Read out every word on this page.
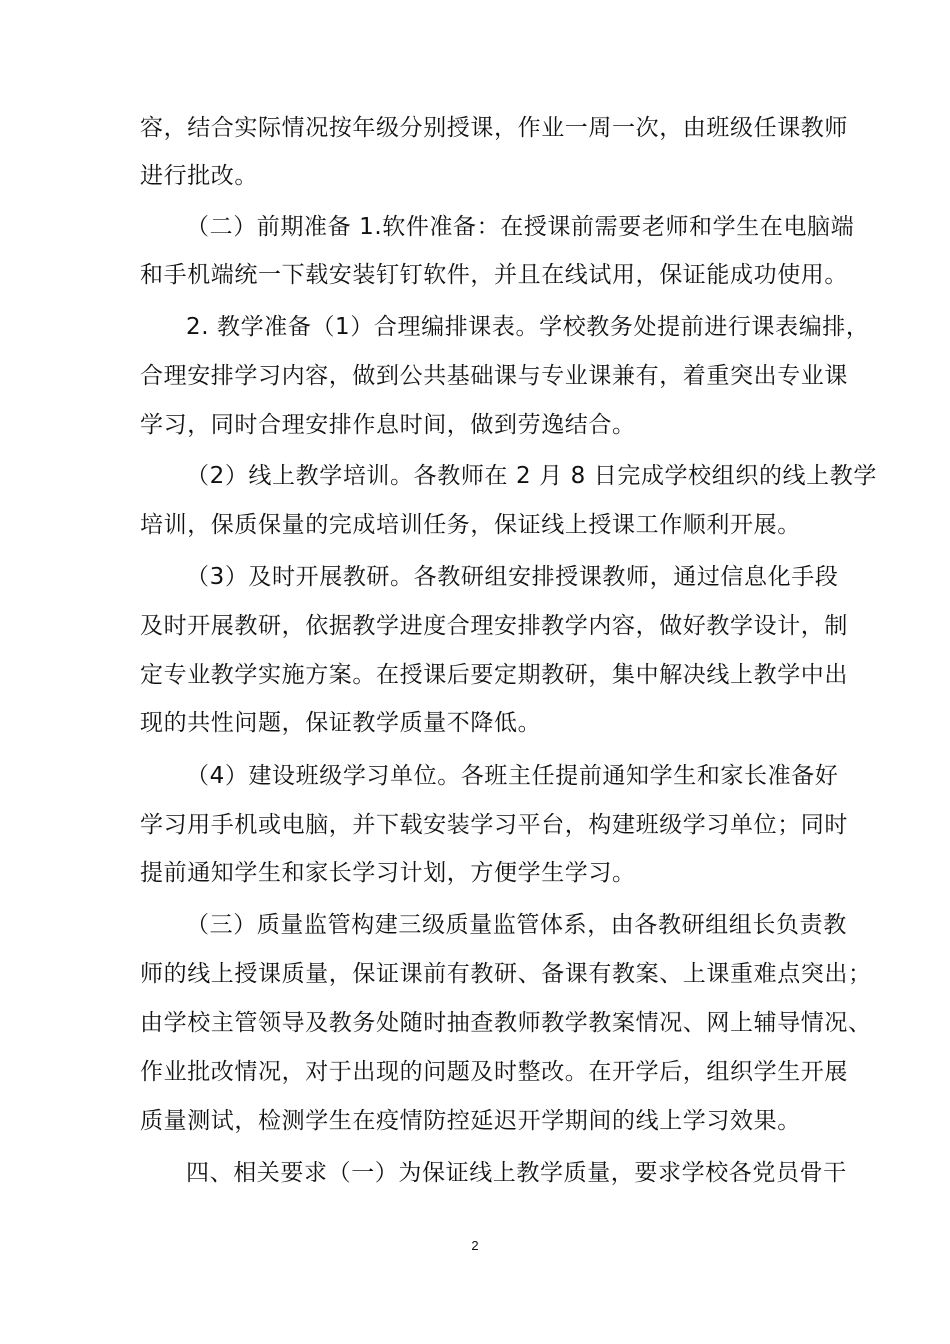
容，结合实际情况按年级分别授课，作业一周一次，由班级任课教师
进行批改。
（二）前期准备 1.软件准备：在授课前需要老师和学生在电脑端
和手机端统一下载安装钉钉软件，并且在线试用，保证能成功使用。
2. 教学准备（1）合理编排课表。学校教务处提前进行课表编排，
合理安排学习内容，做到公共基础课与专业课兼有，着重突出专业课
学习，同时合理安排作息时间，做到劳逸结合。
（2）线上教学培训。各教师在 2 月 8 日完成学校组织的线上教学
培训，保质保量的完成培训任务，保证线上授课工作顺利开展。
（3）及时开展教研。各教研组安排授课教师，通过信息化手段
及时开展教研，依据教学进度合理安排教学内容，做好教学设计，制
定专业教学实施方案。在授课后要定期教研，集中解决线上教学中出
现的共性问题，保证教学质量不降低。
（4）建设班级学习单位。各班主任提前通知学生和家长准备好
学习用手机或电脑，并下载安装学习平台，构建班级学习单位；同时
提前通知学生和家长学习计划，方便学生学习。
（三）质量监管构建三级质量监管体系，由各教研组组长负责教
师的线上授课质量，保证课前有教研、备课有教案、上课重难点突出；
由学校主管领导及教务处随时抽查教师教学教案情况、网上辅导情况、
作业批改情况，对于出现的问题及时整改。在开学后，组织学生开展
质量测试，检测学生在疫情防控延迟开学期间的线上学习效果。
四、相关要求（一）为保证线上教学质量，要求学校各党员骨干
2
